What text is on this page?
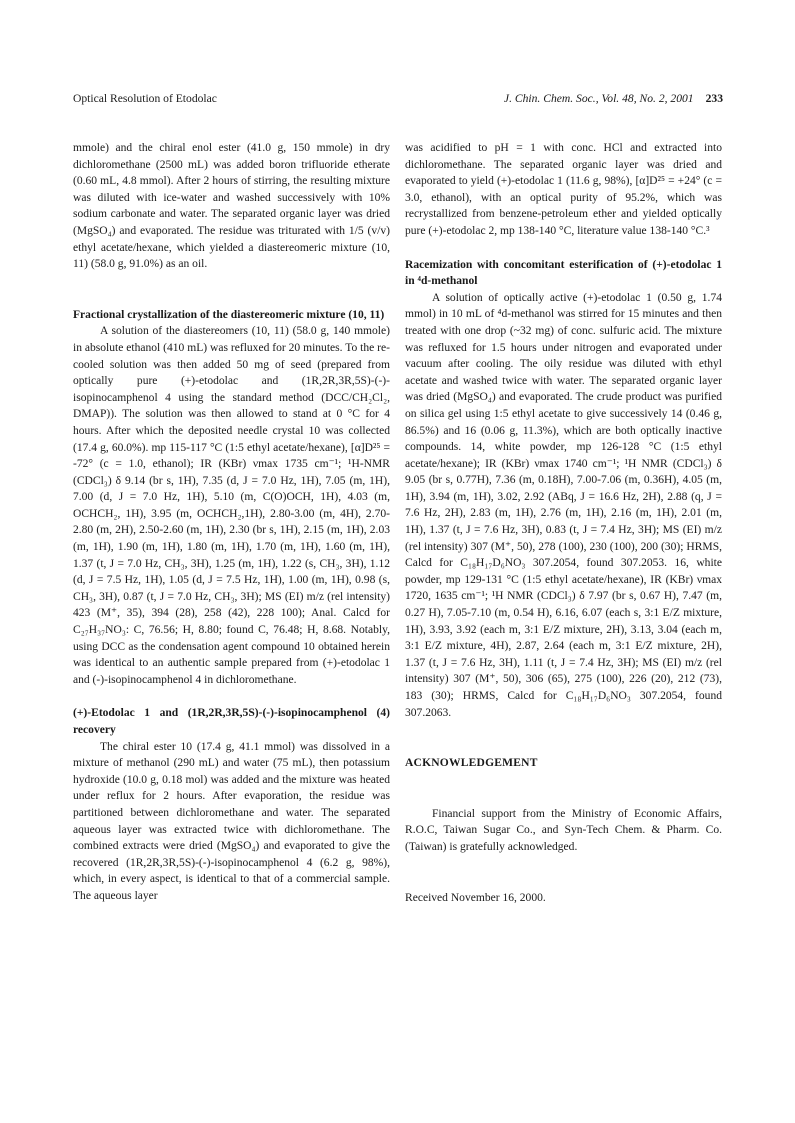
Optical Resolution of Etodolac	J. Chin. Chem. Soc., Vol. 48, No. 2, 2001 233

mmole) and the chiral enol ester (41.0 g, 150 mmole) in dry dichloromethane (2500 mL) was added boron trifluoride etherate (0.60 mL, 4.8 mmol). After 2 hours of stirring, the resulting mixture was diluted with ice-water and washed successively with 10% sodium carbonate and water. The separated organic layer was dried (MgSO₄) and evaporated. The residue was triturated with 1/5 (v/v) ethyl acetate/hexane, which yielded a diastereomeric mixture (10, 11) (58.0 g, 91.0%) as an oil.

Fractional crystallization of the diastereomeric mixture (10, 11)

A solution of the diastereomers (10, 11) (58.0 g, 140 mmole) in absolute ethanol (410 mL) was refluxed for 20 minutes. To the re-cooled solution was then added 50 mg of seed (prepared from optically pure (+)-etodolac and (1R,2R,3R,5S)-(-)-isopinocamphenol 4 using the standard method (DCC/CH₂Cl₂, DMAP)). The solution was then allowed to stand at 0 °C for 4 hours. After which the deposited needle crystal 10 was collected (17.4 g, 60.0%). mp 115-117 °C (1:5 ethyl acetate/hexane), [α]D²⁵ = -72° (c = 1.0, ethanol); IR (KBr) νmax 1735 cm⁻¹; ¹H-NMR (CDCl₃) δ 9.14 (br s, 1H), 7.35 (d, J = 7.0 Hz, 1H), 7.05 (m, 1H), 7.00 (d, J = 7.0 Hz, 1H), 5.10 (m, C(O)OCH, 1H), 4.03 (m, OCHCH₂, 1H), 3.95 (m, OCHCH₂,1H), 2.80-3.00 (m, 4H), 2.70-2.80 (m, 2H), 2.50-2.60 (m, 1H), 2.30 (br s, 1H), 2.15 (m, 1H), 2.03 (m, 1H), 1.90 (m, 1H), 1.80 (m, 1H), 1.70 (m, 1H), 1.60 (m, 1H), 1.37 (t, J = 7.0 Hz, CH₃, 3H), 1.25 (m, 1H), 1.22 (s, CH₃, 3H), 1.12 (d, J = 7.5 Hz, 1H), 1.05 (d, J = 7.5 Hz, 1H), 1.00 (m, 1H), 0.98 (s, CH₃, 3H), 0.87 (t, J = 7.0 Hz, CH₃, 3H); MS (EI) m/z (rel intensity) 423 (M⁺, 35), 394 (28), 258 (42), 228 100); Anal. Calcd for C₂₇H₃₇NO₃: C, 76.56; H, 8.80; found C, 76.48; H, 8.68. Notably, using DCC as the condensation agent compound 10 obtained herein was identical to an authentic sample prepared from (+)-etodolac 1 and (-)-isopinocamphenol 4 in dichloromethane.

(+)-Etodolac 1 and (1R,2R,3R,5S)-(-)-isopinocamphenol (4) recovery

The chiral ester 10 (17.4 g, 41.1 mmol) was dissolved in a mixture of methanol (290 mL) and water (75 mL), then potassium hydroxide (10.0 g, 0.18 mol) was added and the mixture was heated under reflux for 2 hours. After evaporation, the residue was partitioned between dichloromethane and water. The separated aqueous layer was extracted twice with dichloromethane. The combined extracts were dried (MgSO₄) and evaporated to give the recovered (1R,2R,3R,5S)-(-)-isopinocamphenol 4 (6.2 g, 98%), which, in every aspect, is identical to that of a commercial sample. The aqueous layer

was acidified to pH = 1 with conc. HCl and extracted into dichloromethane. The separated organic layer was dried and evaporated to yield (+)-etodolac 1 (11.6 g, 98%), [α]D²⁵ = +24° (c = 3.0, ethanol), with an optical purity of 95.2%, which was recrystallized from benzene-petroleum ether and yielded optically pure (+)-etodolac 2, mp 138-140 °C, literature value 138-140 °C.³

Racemization with concomitant esterification of (+)-etodolac 1 in ⁴d-methanol

A solution of optically active (+)-etodolac 1 (0.50 g, 1.74 mmol) in 10 mL of ⁴d-methanol was stirred for 15 minutes and then treated with one drop (~32 mg) of conc. sulfuric acid. The mixture was refluxed for 1.5 hours under nitrogen and evaporated under vacuum after cooling. The oily residue was diluted with ethyl acetate and washed twice with water. The separated organic layer was dried (MgSO₄) and evaporated. The crude product was purified on silica gel using 1:5 ethyl acetate to give successively 14 (0.46 g, 86.5%) and 16 (0.06 g, 11.3%), which are both optically inactive compounds. 14, white powder, mp 126-128 °C (1:5 ethyl acetate/hexane); IR (KBr) νmax 1740 cm⁻¹; ¹H NMR (CDCl₃) δ 9.05 (br s, 0.77H), 7.36 (m, 0.18H), 7.00-7.06 (m, 0.36H), 4.05 (m, 1H), 3.94 (m, 1H), 3.02, 2.92 (ABq, J = 16.6 Hz, 2H), 2.88 (q, J = 7.6 Hz, 2H), 2.83 (m, 1H), 2.76 (m, 1H), 2.16 (m, 1H), 2.01 (m, 1H), 1.37 (t, J = 7.6 Hz, 3H), 0.83 (t, J = 7.4 Hz, 3H); MS (EI) m/z (rel intensity) 307 (M⁺, 50), 278 (100), 230 (100), 200 (30); HRMS, Calcd for C₁₈H₁₇D₆NO₃ 307.2054, found 307.2053. 16, white powder, mp 129-131 °C (1:5 ethyl acetate/hexane), IR (KBr) νmax 1720, 1635 cm⁻¹; ¹H NMR (CDCl₃) δ 7.97 (br s, 0.67 H), 7.47 (m, 0.27 H), 7.05-7.10 (m, 0.54 H), 6.16, 6.07 (each s, 3:1 E/Z mixture, 1H), 3.93, 3.92 (each m, 3:1 E/Z mixture, 2H), 3.13, 3.04 (each m, 3:1 E/Z mixture, 4H), 2.87, 2.64 (each m, 3:1 E/Z mixture, 2H), 1.37 (t, J = 7.6 Hz, 3H), 1.11 (t, J = 7.4 Hz, 3H); MS (EI) m/z (rel intensity) 307 (M⁺, 50), 306 (65), 275 (100), 226 (20), 212 (73), 183 (30); HRMS, Calcd for C₁₈H₁₇D₆NO₃ 307.2054, found 307.2063.

ACKNOWLEDGEMENT

Financial support from the Ministry of Economic Affairs, R.O.C, Taiwan Sugar Co., and Syn-Tech Chem. & Pharm. Co. (Taiwan) is gratefully acknowledged.

Received November 16, 2000.
